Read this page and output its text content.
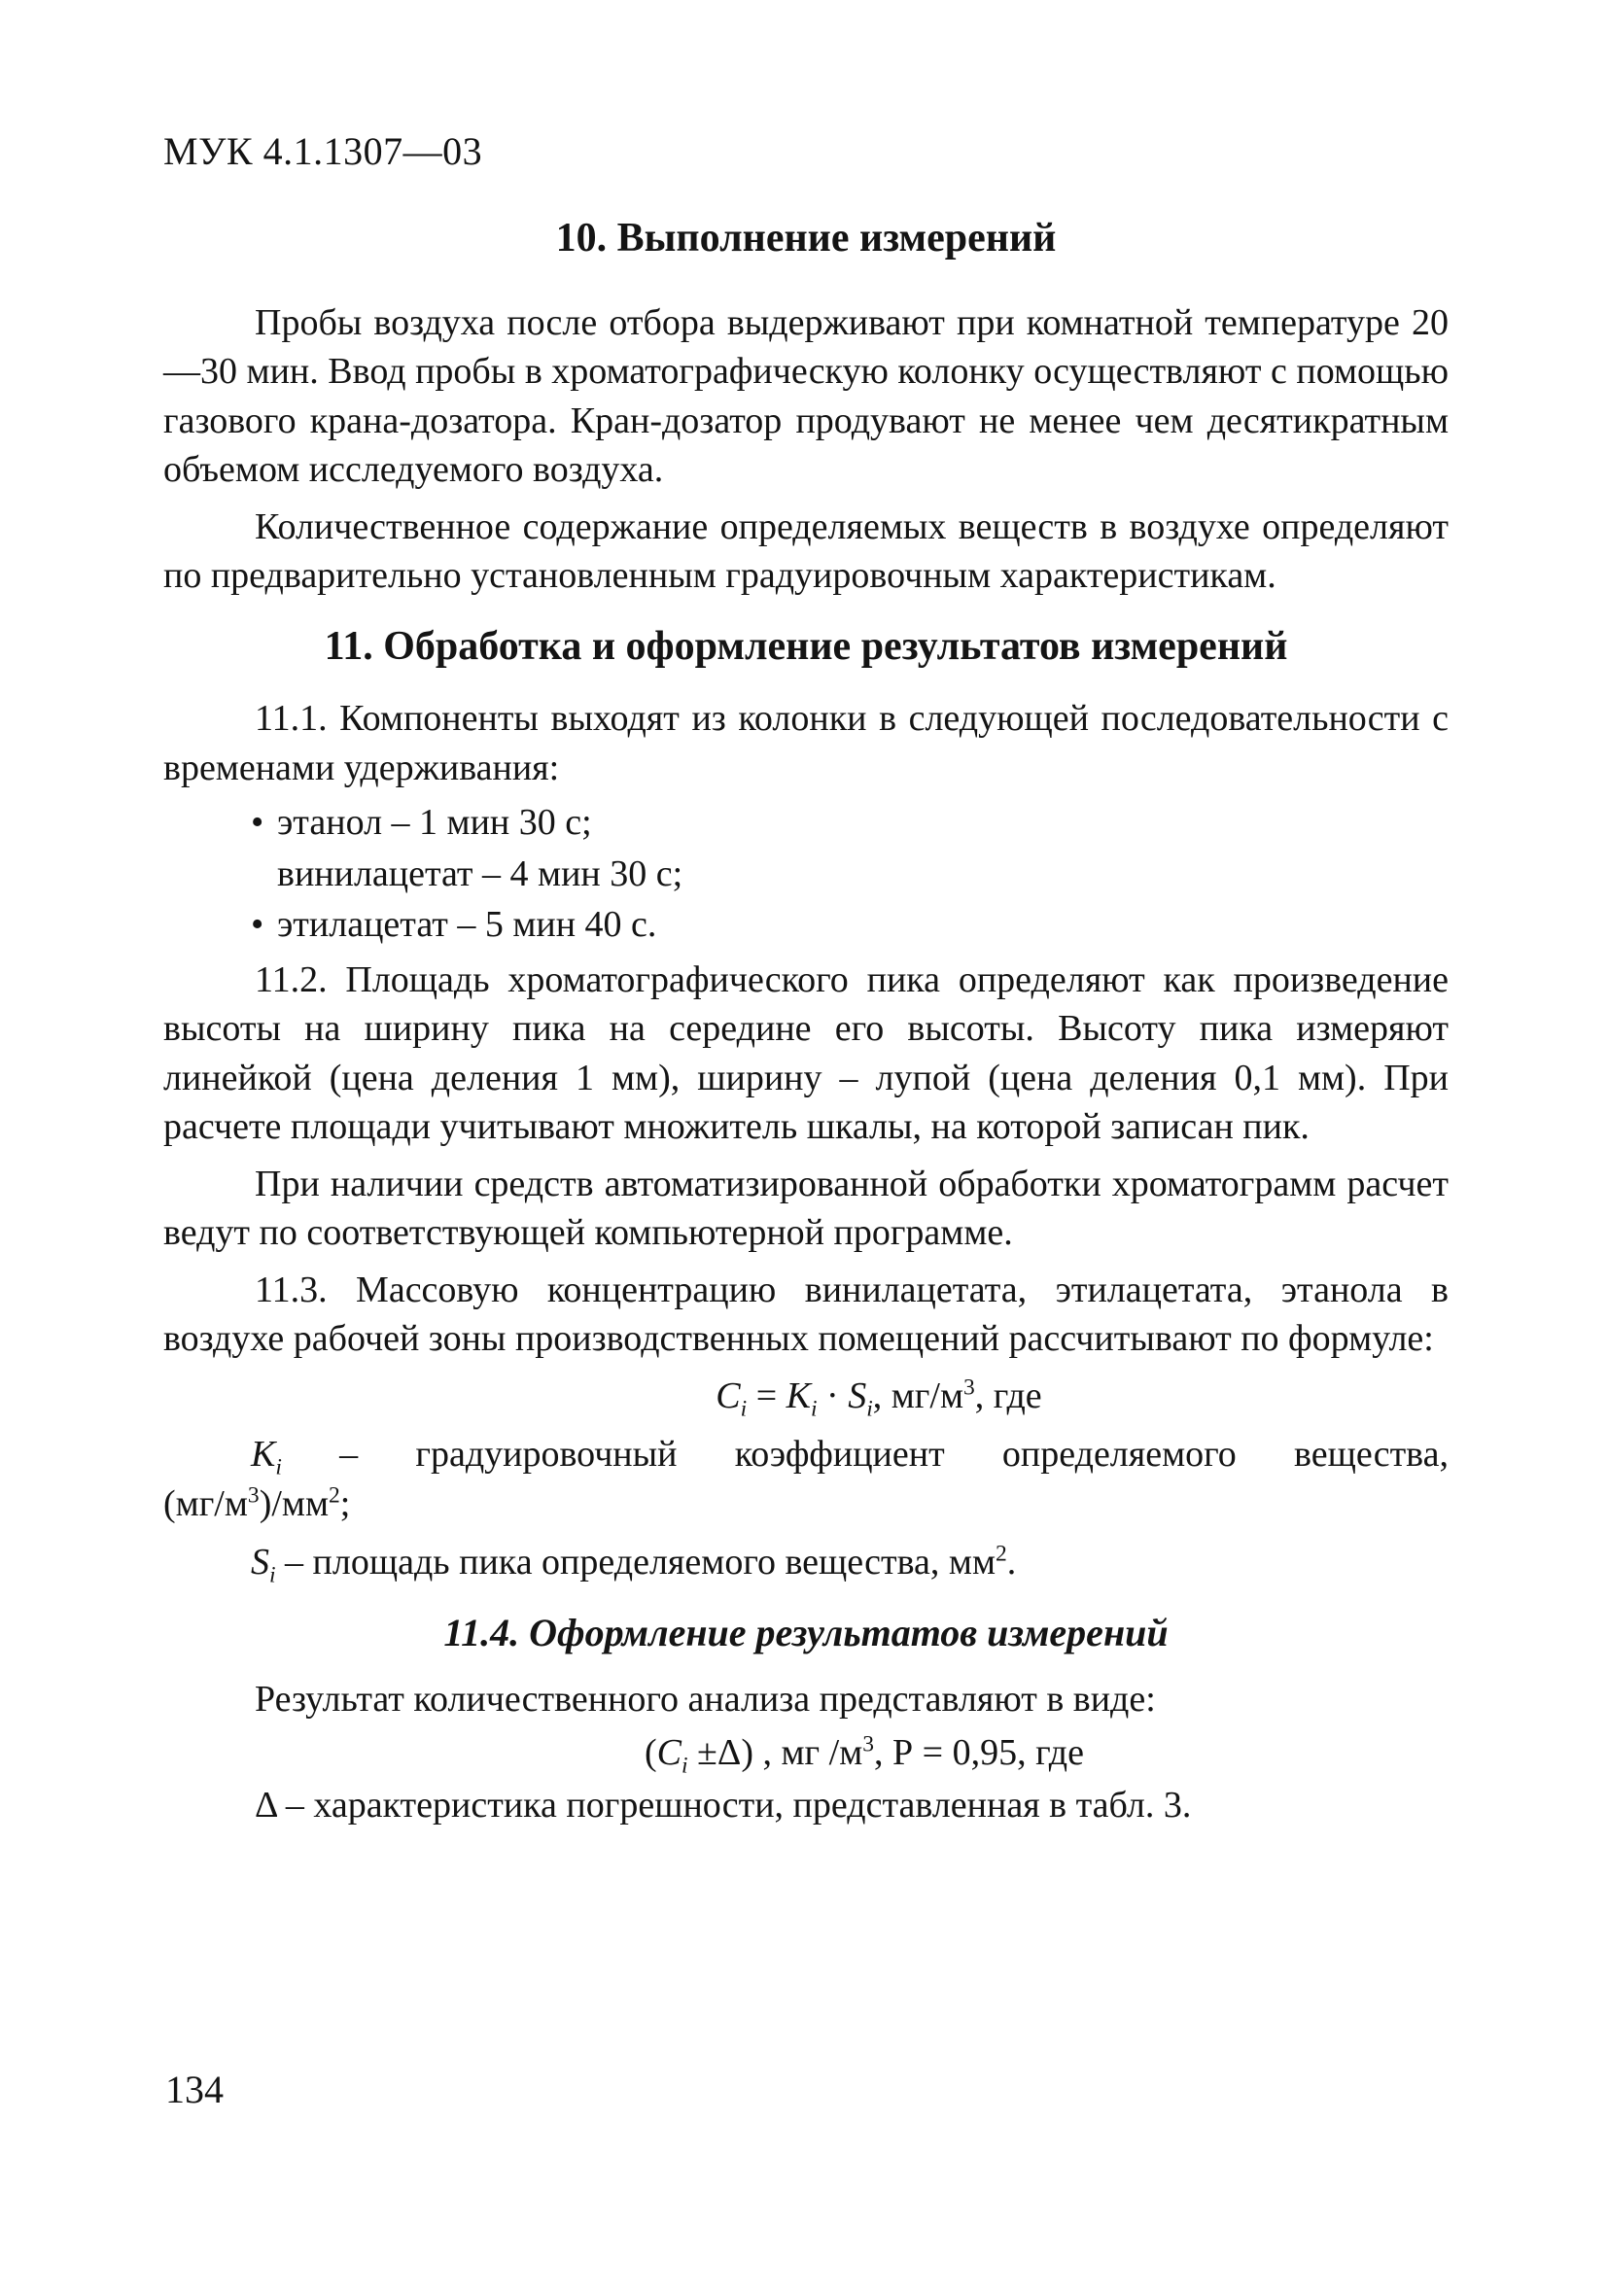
МУК 4.1.1307—03
10. Выполнение измерений

Пробы воздуха после отбора выдерживают при комнатной температуре 20—30 мин. Ввод пробы в хроматографическую колонку осуществляют с помощью газового крана-дозатора. Кран-дозатор продувают не менее чем десятикратным объемом исследуемого воздуха.

Количественное содержание определяемых веществ в воздухе определяют по предварительно установленным градуировочным характеристикам.

11. Обработка и оформление результатов измерений

11.1. Компоненты выходят из колонки в следующей последовательности с временами удерживания:

• этанол – 1 мин 30 с;
винилацетат – 4 мин 30 с;
• этилацетат – 5 мин 40 с.

11.2. Площадь хроматографического пика определяют как произведение высоты на ширину пика на середине его высоты. Высоту пика измеряют линейкой (цена деления 1 мм), ширину – лупой (цена деления 0,1 мм). При расчете площади учитывают множитель шкалы, на которой записан пик.

При наличии средств автоматизированной обработки хроматограмм расчет ведут по соответствующей компьютерной программе.

11.3. Массовую концентрацию винилацетата, этилацетата, этанола в воздухе рабочей зоны производственных помещений рассчитывают по формуле:

$C_i = K_i \cdot S_i$, $мг/м^3$, где
$K_i$ – градуировочный коэффициент определяемого вещества,
$(мг/м^3)/мм^2$;
$S_i$ – площадь пика определяемого вещества, $мм^2$.
11.4. Оформление результатов измерений

Результат количественного анализа представляют в виде:

$(C_i \pm\Delta)$ , мг $/м^3$, Р = 0,95, где

Δ – характеристика погрешности, представленная в табл. 3.

134
